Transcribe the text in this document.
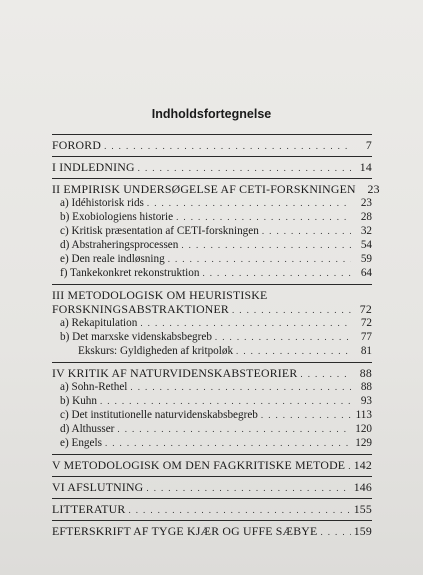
Indholdsfortegnelse
FORORD . . .	7
I INDLEDNING . . .	14
II EMPIRISK UNDERSØGELSE AF CETI-FORSKNINGEN 23
a) Idéhistorisk rids . . .	23
b) Exobiologiens historie . . .	28
c) Kritisk præsentation af CETI-forskningen . . .	32
d) Abstraheringsprocessen . . .	54
e) Den reale indløsning . . .	59
f) Tankekonkret rekonstruktion . . .	64
III METODOLOGISK OM HEURISTISKE
FORSKNINGSABSTRAKTIONER . . .	72
a) Rekapitulation . . .	72
b) Det marxske videnskabsbegreb . . .	77
Ekskurs: Gyldigheden af kritpoløk . . .	81
IV KRITIK AF NATURVIDENSKABSTEORIER . . .	88
a) Sohn-Rethel . . .	88
b) Kuhn . . .	93
c) Det institutionelle naturvidenskabsbegreb . . .	113
d) Althusser . . .	120
e) Engels . . .	129
V METODOLOGISK OM DEN FAGKRITISKE METODE . . . 142
VI AFSLUTNING . . .	146
LITTERATUR . . .	155
EFTERSKRIFT AF TYGE KJÆR OG UFFE SÆBYE . . .	159
